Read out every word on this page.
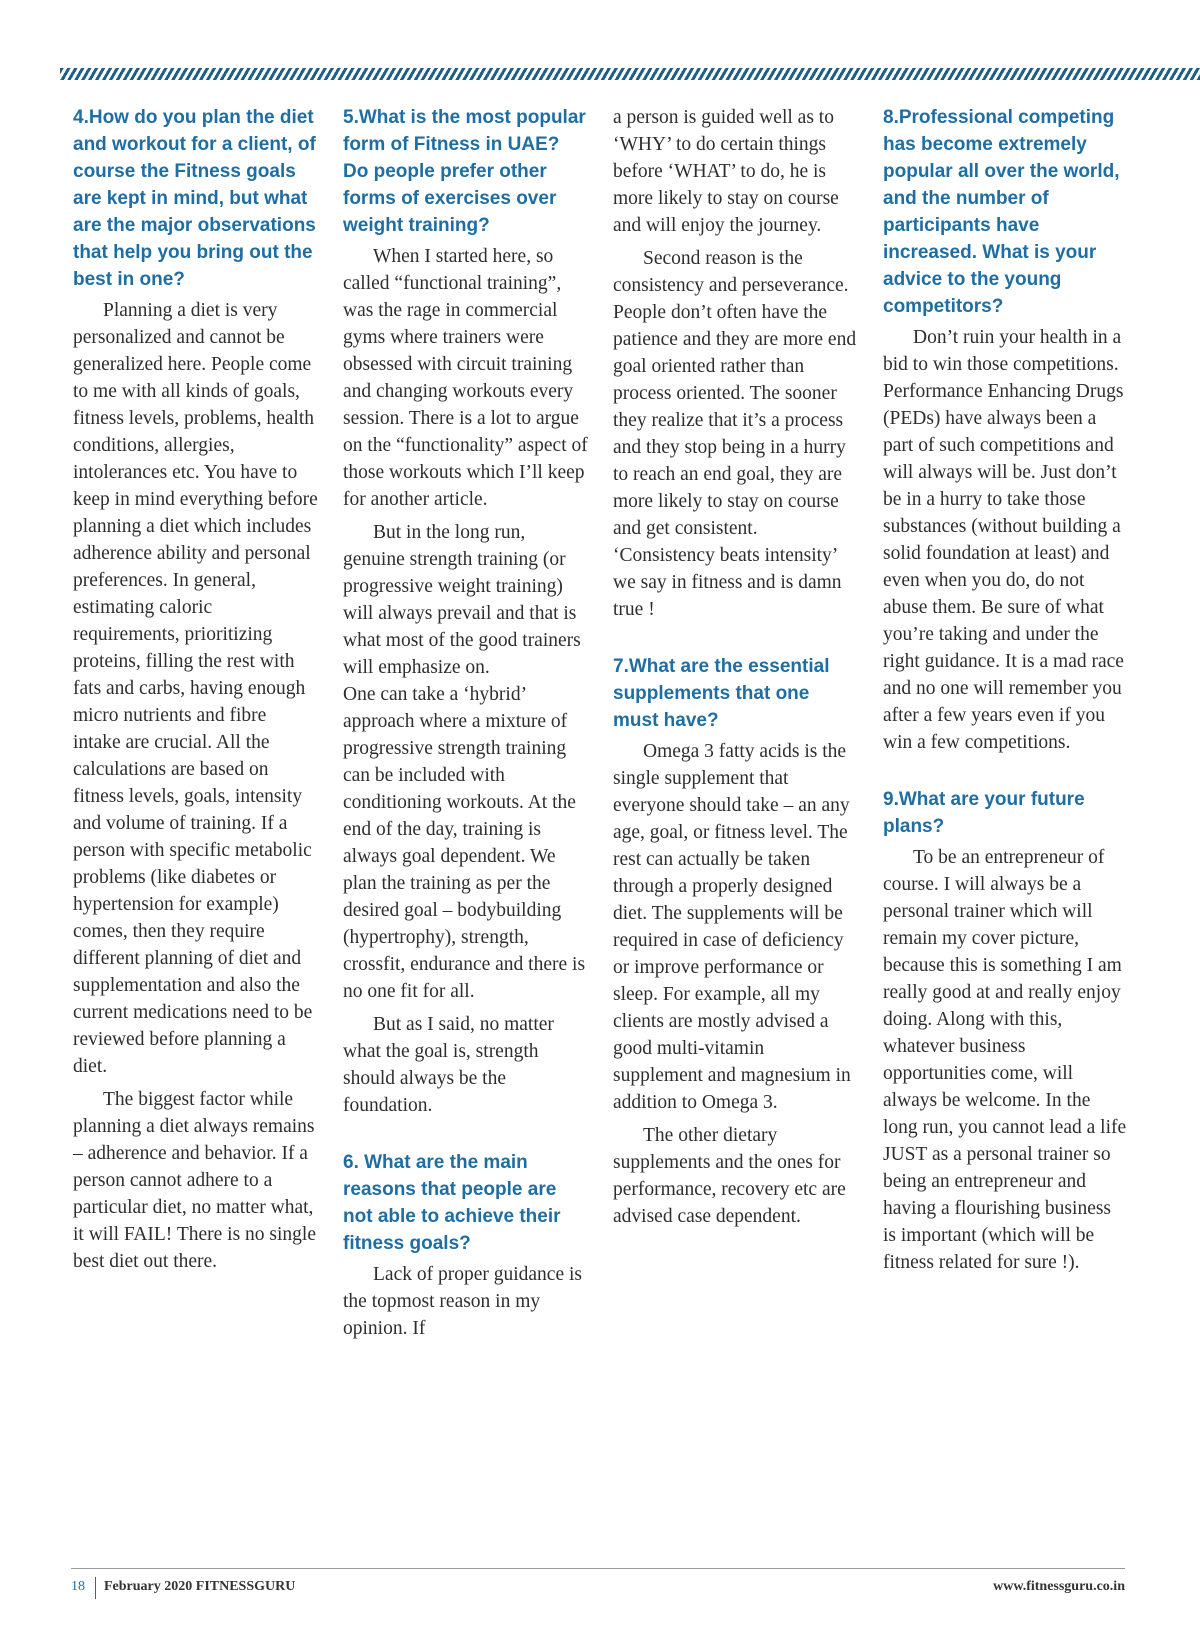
4.How do you plan the diet and workout for a client, of course the Fitness goals are kept in mind, but what are the major observations that help you bring out the best in one?

Planning a diet is very personalized and cannot be generalized here. People come to me with all kinds of goals, fitness levels, problems, health conditions, allergies, intolerances etc. You have to keep in mind everything before planning a diet which includes adherence ability and personal preferences. In general, estimating caloric requirements, prioritizing proteins, filling the rest with fats and carbs, having enough micro nutrients and fibre intake are crucial. All the calculations are based on fitness levels, goals, intensity and volume of training. If a person with specific metabolic problems (like diabetes or hypertension for example) comes, then they require different planning of diet and supplementation and also the current medications need to be reviewed before planning a diet.

The biggest factor while planning a diet always remains – adherence and behavior. If a person cannot adhere to a particular diet, no matter what, it will FAIL! There is no single best diet out there.

5.What is the most popular form of Fitness in UAE? Do people prefer other forms of exercises over weight training?

When I started here, so called “functional training”, was the rage in commercial gyms where trainers were obsessed with circuit training and changing workouts every session. There is a lot to argue on the “functionality” aspect of those workouts which I’ll keep for another article.

But in the long run, genuine strength training (or progressive weight training) will always prevail and that is what most of the good trainers will emphasize on.

One can take a ‘hybrid’ approach where a mixture of progressive strength training can be included with conditioning workouts. At the end of the day, training is always goal dependent. We plan the training as per the desired goal – bodybuilding (hypertrophy), strength, crossfit, endurance and there is no one fit for all.

But as I said, no matter what the goal is, strength should always be the foundation.

6. What are the main reasons that people are not able to achieve their fitness goals?

Lack of proper guidance is the topmost reason in my opinion. If

a person is guided well as to ‘WHY’ to do certain things before ‘WHAT’ to do, he is more likely to stay on course and will enjoy the journey.

Second reason is the consistency and perseverance. People don’t often have the patience and they are more end goal oriented rather than process oriented. The sooner they realize that it’s a process and they stop being in a hurry to reach an end goal, they are more likely to stay on course and get consistent. ‘Consistency beats intensity’ we say in fitness and is damn true !

7.What are the essential supplements that one must have?

Omega 3 fatty acids is the single supplement that everyone should take – an any age, goal, or fitness level. The rest can actually be taken through a properly designed diet. The supplements will be required in case of deficiency or improve performance or sleep. For example, all my clients are mostly advised a good multi-vitamin supplement and magnesium in addition to Omega 3.

The other dietary supplements and the ones for performance, recovery etc are advised case dependent.

8.Professional competing has become extremely popular all over the world, and the number of participants have increased. What is your advice to the young competitors?

Don’t ruin your health in a bid to win those competitions. Performance Enhancing Drugs (PEDs) have always been a part of such competitions and will always will be. Just don’t be in a hurry to take those substances (without building a solid foundation at least) and even when you do, do not abuse them. Be sure of what you’re taking and under the right guidance. It is a mad race and no one will remember you after a few years even if you win a few competitions.

9.What are your future plans?

To be an entrepreneur of course. I will always be a personal trainer which will remain my cover picture, because this is something I am really good at and really enjoy doing. Along with this, whatever business opportunities come, will always be welcome. In the long run, you cannot lead a life JUST as a personal trainer so being an entrepreneur and having a flourishing business is important (which will be fitness related for sure !).

18 February 2020 FITNESSGURU	www.fitnessguru.co.in
